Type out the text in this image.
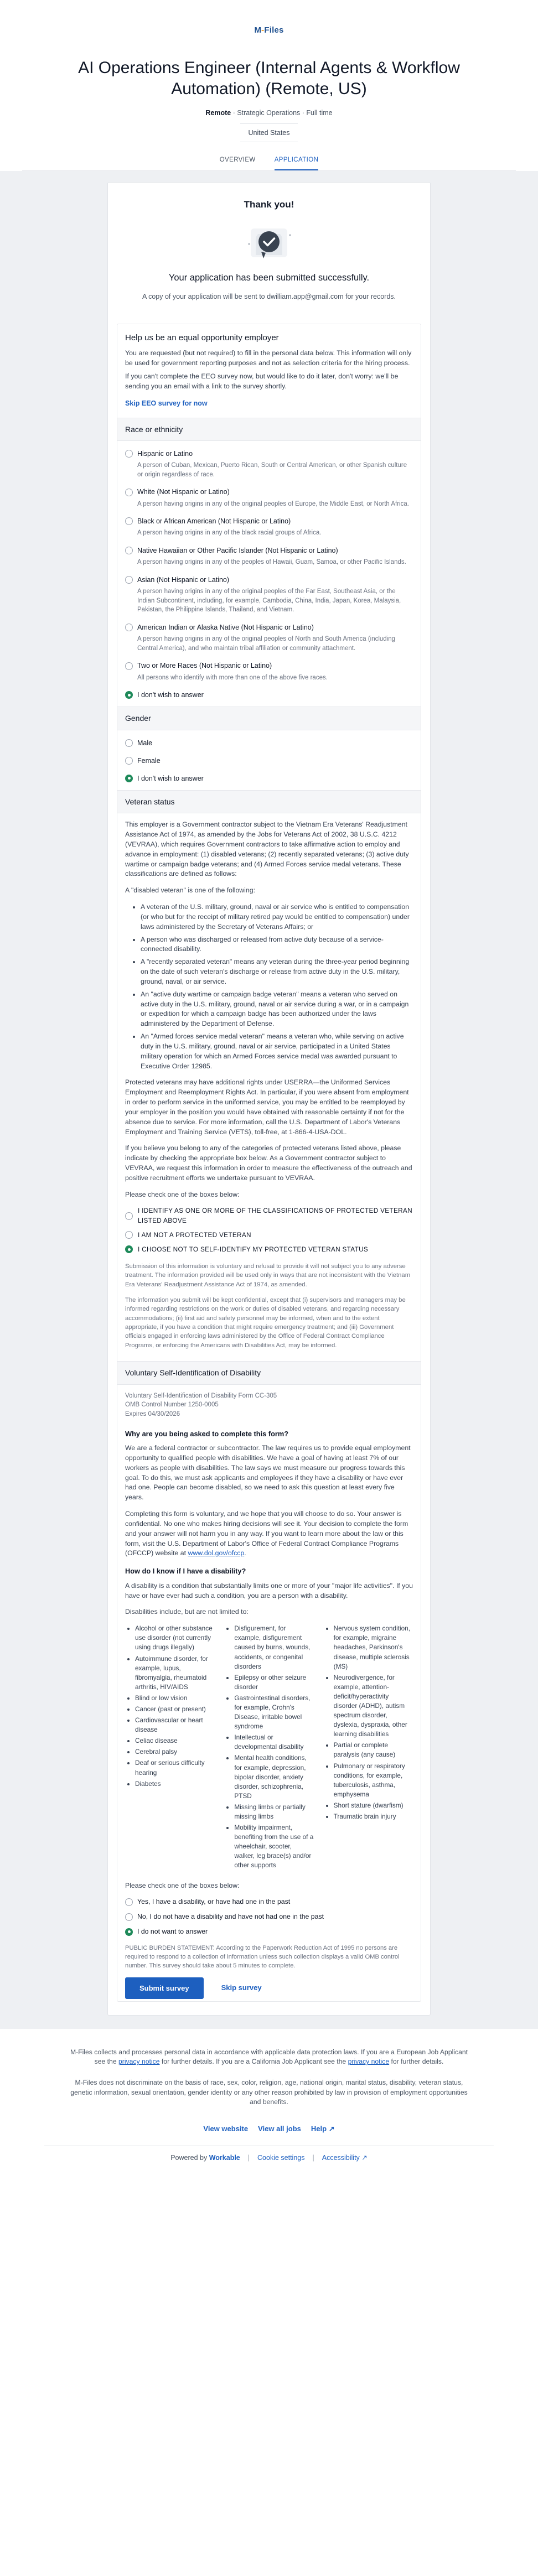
M-Files
AI Operations Engineer (Internal Agents & Workflow Automation) (Remote, US)
Remote · Strategic Operations · Full time
United States
OVERVIEW	APPLICATION
Thank you!
Your application has been submitted successfully.
A copy of your application will be sent to dwilliam.app@gmail.com for your records.
Help us be an equal opportunity employer

You are requested (but not required) to fill in the personal data below. This information will only be used for government reporting purposes and not as selection criteria for the hiring process.

If you can't complete the EEO survey now, but would like to do it later, don't worry: we'll be sending you an email with a link to the survey shortly.

Skip EEO survey for now
Race or ethnicity
Hispanic or Latino
A person of Cuban, Mexican, Puerto Rican, South or Central American, or other Spanish culture or origin regardless of race.
White (Not Hispanic or Latino)
A person having origins in any of the original peoples of Europe, the Middle East, or North Africa.
Black or African American (Not Hispanic or Latino)
A person having origins in any of the black racial groups of Africa.
Native Hawaiian or Other Pacific Islander (Not Hispanic or Latino)
A person having origins in any of the peoples of Hawaii, Guam, Samoa, or other Pacific Islands.
Asian (Not Hispanic or Latino)
A person having origins in any of the original peoples of the Far East, Southeast Asia, or the Indian Subcontinent, including, for example, Cambodia, China, India, Japan, Korea, Malaysia, Pakistan, the Philippine Islands, Thailand, and Vietnam.
American Indian or Alaska Native (Not Hispanic or Latino)
A person having origins in any of the original peoples of North and South America (including Central America), and who maintain tribal affiliation or community attachment.
Two or More Races (Not Hispanic or Latino)
All persons who identify with more than one of the above five races.
I don't wish to answer
Gender
Male
Female
I don't wish to answer
Veteran status

This employer is a Government contractor subject to the Vietnam Era Veterans' Readjustment Assistance Act of 1974, as amended by the Jobs for Veterans Act of 2002, 38 U.S.C. 4212 (VEVRAA), which requires Government contractors to take affirmative action to employ and advance in employment: (1) disabled veterans; (2) recently separated veterans; (3) active duty wartime or campaign badge veterans; and (4) Armed Forces service medal veterans. These classifications are defined as follows:

A "disabled veteran" is one of the following:

• A veteran of the U.S. military, ground, naval or air service who is entitled to compensation (or who but for the receipt of military retired pay would be entitled to compensation) under laws administered by the Secretary of Veterans Affairs; or
• A person who was discharged or released from active duty because of a service-connected disability.
• A "recently separated veteran" means any veteran during the three-year period beginning on the date of such veteran's discharge or release from active duty in the U.S. military, ground, naval, or air service.
• An "active duty wartime or campaign badge veteran" means a veteran who served on active duty in the U.S. military, ground, naval or air service during a war, or in a campaign or expedition for which a campaign badge has been authorized under the laws administered by the Department of Defense.
• An "Armed forces service medal veteran" means a veteran who, while serving on active duty in the U.S. military, ground, naval or air service, participated in a United States military operation for which an Armed Forces service medal was awarded pursuant to Executive Order 12985.

Protected veterans may have additional rights under USERRA—the Uniformed Services Employment and Reemployment Rights Act. In particular, if you were absent from employment in order to perform service in the uniformed service, you may be entitled to be reemployed by your employer in the position you would have obtained with reasonable certainty if not for the absence due to service. For more information, call the U.S. Department of Labor's Veterans Employment and Training Service (VETS), toll-free, at 1-866-4-USA-DOL.

If you believe you belong to any of the categories of protected veterans listed above, please indicate by checking the appropriate box below. As a Government contractor subject to VEVRAA, we request this information in order to measure the effectiveness of the outreach and positive recruitment efforts we undertake pursuant to VEVRAA.

Please check one of the boxes below:

I IDENTIFY AS ONE OR MORE OF THE CLASSIFICATIONS OF PROTECTED VETERAN LISTED ABOVE
I AM NOT A PROTECTED VETERAN
I CHOOSE NOT TO SELF-IDENTIFY MY PROTECTED VETERAN STATUS

Submission of this information is voluntary and refusal to provide it will not subject you to any adverse treatment. The information provided will be used only in ways that are not inconsistent with the Vietnam Era Veterans' Readjustment Assistance Act of 1974, as amended.

The information you submit will be kept confidential, except that (i) supervisors and managers may be informed regarding restrictions on the work or duties of disabled veterans, and regarding necessary accommodations; (ii) first aid and safety personnel may be informed, when and to the extent appropriate, if you have a condition that might require emergency treatment; and (iii) Government officials engaged in enforcing laws administered by the Office of Federal Contract Compliance Programs, or enforcing the Americans with Disabilities Act, may be informed.

Voluntary Self-Identification of Disability
Voluntary Self-Identification of Disability Form CC-305
OMB Control Number 1250-0005
Expires 04/30/2026
Why are you being asked to complete this form?

We are a federal contractor or subcontractor. The law requires us to provide equal employment opportunity to qualified people with disabilities. We have a goal of having at least 7% of our workers as people with disabilities. The law says we must measure our progress towards this goal. To do this, we must ask applicants and employees if they have a disability or have ever had one. People can become disabled, so we need to ask this question at least every five years.

Completing this form is voluntary, and we hope that you will choose to do so. Your answer is confidential. No one who makes hiring decisions will see it. Your decision to complete the form and your answer will not harm you in any way. If you want to learn more about the law or this form, visit the U.S. Department of Labor's Office of Federal Contract Compliance Programs (OFCCP) website at www.dol.gov/ofccp.

How do I know if I have a disability?

A disability is a condition that substantially limits one or more of your "major life activities". If you have or have ever had such a condition, you are a person with a disability.

Disabilities include, but are not limited to:

• Alcohol or other substance use disorder (not currently using drugs illegally)
• Autoimmune disorder, for example, lupus, fibromyalgia, rheumatoid arthritis, HIV/AIDS
• Blind or low vision
• Cancer (past or present)
• Cardiovascular or heart disease
• Celiac disease
• Cerebral palsy
• Deaf or serious difficulty hearing
• Diabetes
• Disfigurement, for example, disfigurement caused by burns, wounds, accidents, or congenital disorders
• Epilepsy or other seizure disorder
• Gastrointestinal disorders, for example, Crohn's Disease, irritable bowel syndrome
• Intellectual or developmental disability
• Mental health conditions, for example, depression, bipolar disorder, anxiety disorder, schizophrenia, PTSD
• Missing limbs or partially missing limbs
• Mobility impairment, benefiting from the use of a wheelchair, scooter, walker, leg brace(s) and/or other supports
• Nervous system condition, for example, migraine headaches, Parkinson's disease, multiple sclerosis (MS)
• Neurodivergence, for example, attention-deficit/hyperactivity disorder (ADHD), autism spectrum disorder, dyslexia, dyspraxia, other learning disabilities
• Partial or complete paralysis (any cause)
• Pulmonary or respiratory conditions, for example, tuberculosis, asthma, emphysema
• Short stature (dwarfism)
• Traumatic brain injury

Please check one of the boxes below:

Yes, I have a disability, or have had one in the past
No, I do not have a disability and have not had one in the past
I do not want to answer

PUBLIC BURDEN STATEMENT: According to the Paperwork Reduction Act of 1995 no persons are required to respond to a collection of information unless such collection displays a valid OMB control number. This survey should take about 5 minutes to complete.

Submit survey	Skip survey

M-Files collects and processes personal data in accordance with applicable data protection laws. If you are a European Job Applicant see the privacy notice for further details. If you are a California Job Applicant see the privacy notice for further details.

M-Files does not discriminate on the basis of race, sex, color, religion, age, national origin, marital status, disability, veteran status, genetic information, sexual orientation, gender identity or any other reason prohibited by law in provision of employment opportunities and benefits.

View website View all jobs Help ↗
Powered by Workable | Cookie settings | Accessibility ↗
